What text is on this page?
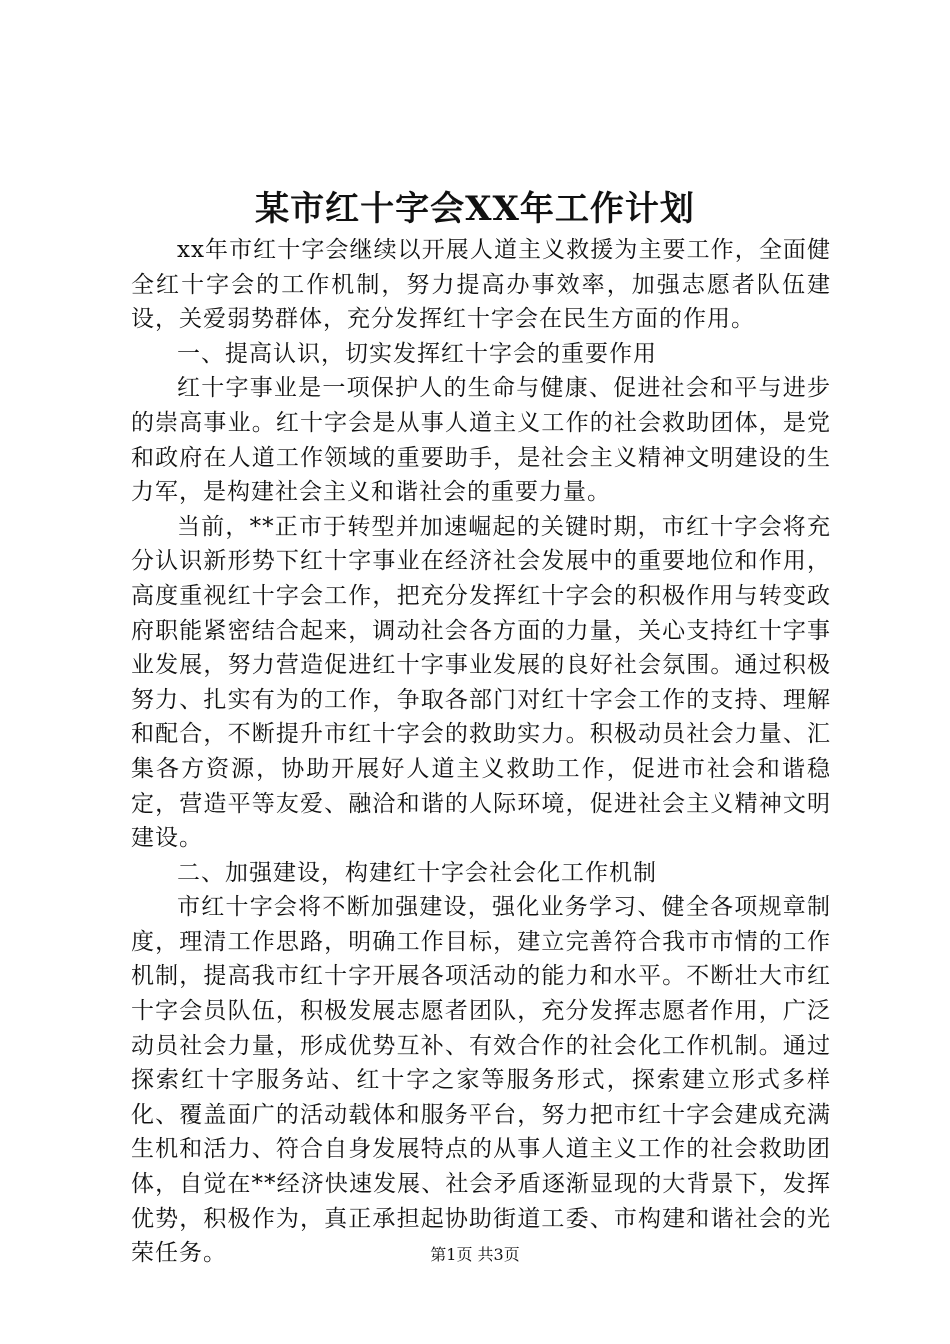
某市红十字会XX年工作计划

xx年市红十字会继续以开展人道主义救援为主要工作，全面健全红十字会的工作机制，努力提高办事效率，加强志愿者队伍建设，关爱弱势群体，充分发挥红十字会在民生方面的作用。

一、提高认识，切实发挥红十字会的重要作用

红十字事业是一项保护人的生命与健康、促进社会和平与进步的崇高事业。红十字会是从事人道主义工作的社会救助团体，是党和政府在人道工作领域的重要助手，是社会主义精神文明建设的生力军，是构建社会主义和谐社会的重要力量。

当前，**正市于转型并加速崛起的关键时期，市红十字会将充分认识新形势下红十字事业在经济社会发展中的重要地位和作用，高度重视红十字会工作，把充分发挥红十字会的积极作用与转变政府职能紧密结合起来，调动社会各方面的力量，关心支持红十字事业发展，努力营造促进红十字事业发展的良好社会氛围。通过积极努力、扎实有为的工作，争取各部门对红十字会工作的支持、理解和配合，不断提升市红十字会的救助实力。积极动员社会力量、汇集各方资源，协助开展好人道主义救助工作，促进市社会和谐稳定，营造平等友爱、融洽和谐的人际环境，促进社会主义精神文明建设。

二、加强建设，构建红十字会社会化工作机制

市红十字会将不断加强建设，强化业务学习、健全各项规章制度，理清工作思路，明确工作目标，建立完善符合我市市情的工作机制，提高我市红十字开展各项活动的能力和水平。不断壮大市红十字会员队伍，积极发展志愿者团队，充分发挥志愿者作用，广泛动员社会力量，形成优势互补、有效合作的社会化工作机制。通过探索红十字服务站、红十字之家等服务形式，探索建立形式多样化、覆盖面广的活动载体和服务平台，努力把市红十字会建成充满生机和活力、符合自身发展特点的从事人道主义工作的社会救助团体，自觉在**经济快速发展、社会矛盾逐渐显现的大背景下，发挥优势，积极作为，真正承担起协助街道工委、市构建和谐社会的光荣任务。	第1页 共3页
